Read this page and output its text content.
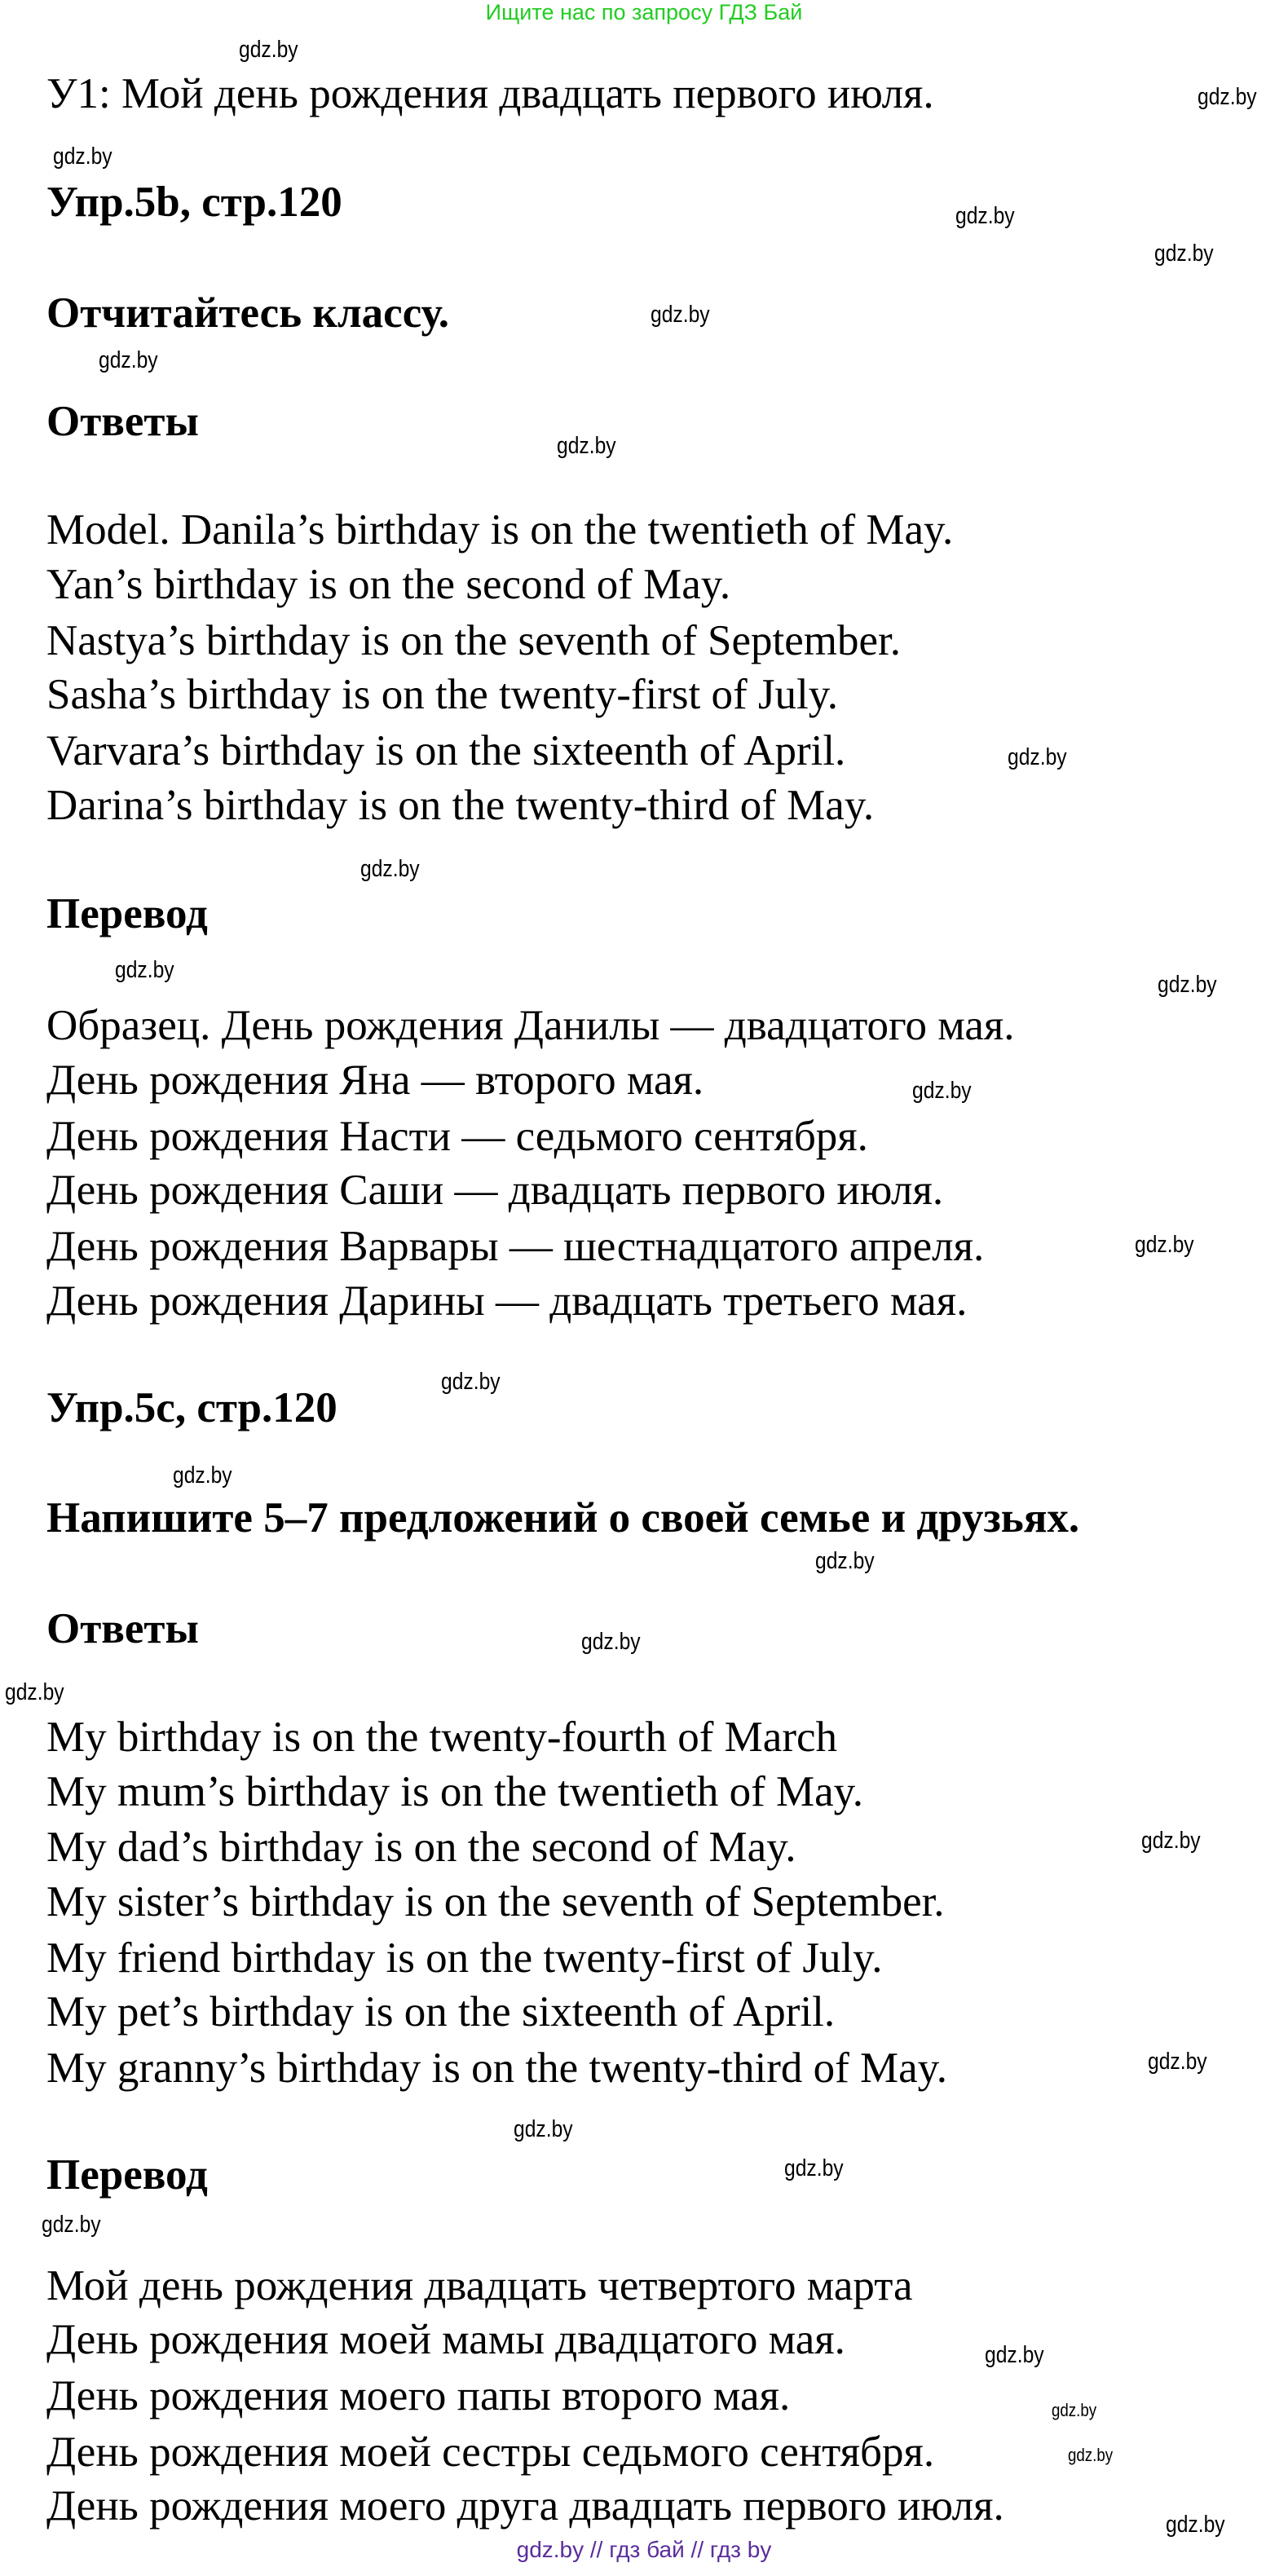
Ищите нас по запросу ГДЗ Бай
У1: Мой день рождения двадцать первого июля.
Упр.5b, стр.120
Отчитайтесь классу.
Ответы
Model. Danila’s birthday is on the twentieth of May.
Yan’s birthday is on the second of May.
Nastya’s birthday is on the seventh of September.
Sasha’s birthday is on the twenty-first of July.
Varvara’s birthday is on the sixteenth of April.
Darina’s birthday is on the twenty-third of May.
Перевод
Образец. День рождения Данилы — двадцатого мая.
День рождения Яна — второго мая.
День рождения Насти — седьмого сентября.
День рождения Саши — двадцать первого июля.
День рождения Варвары — шестнадцатого апреля.
День рождения Дарины — двадцать третьего мая.
Упр.5с, стр.120
Напишите 5–7 предложений о своей семье и друзьях.
Ответы
My birthday is on the twenty-fourth of March
My mum’s birthday is on the twentieth of May.
My dad’s birthday is on the second of May.
My sister’s birthday is on the seventh of September.
My friend birthday is on the twenty-first of July.
My pet’s birthday is on the sixteenth of April.
My granny’s birthday is on the twenty-third of May.
Перевод
Мой день рождения двадцать четвертого марта
День рождения моей мамы двадцатого мая.
День рождения моего папы второго мая.
День рождения моей сестры седьмого сентября.
День рождения моего друга двадцать первого июля.
gdz.by
gdz.by
gdz.by
gdz.by
gdz.by
gdz.by
gdz.by
gdz.by
gdz.by
gdz.by
gdz.by
gdz.by
gdz.by
gdz.by
gdz.by
gdz.by
gdz.by
gdz.by
gdz.by
gdz.by
gdz.by
gdz.by
gdz.by
gdz.by
gdz.by
gdz.by
gdz.by
gdz.by
gdz.by // гдз бай // гдз by
